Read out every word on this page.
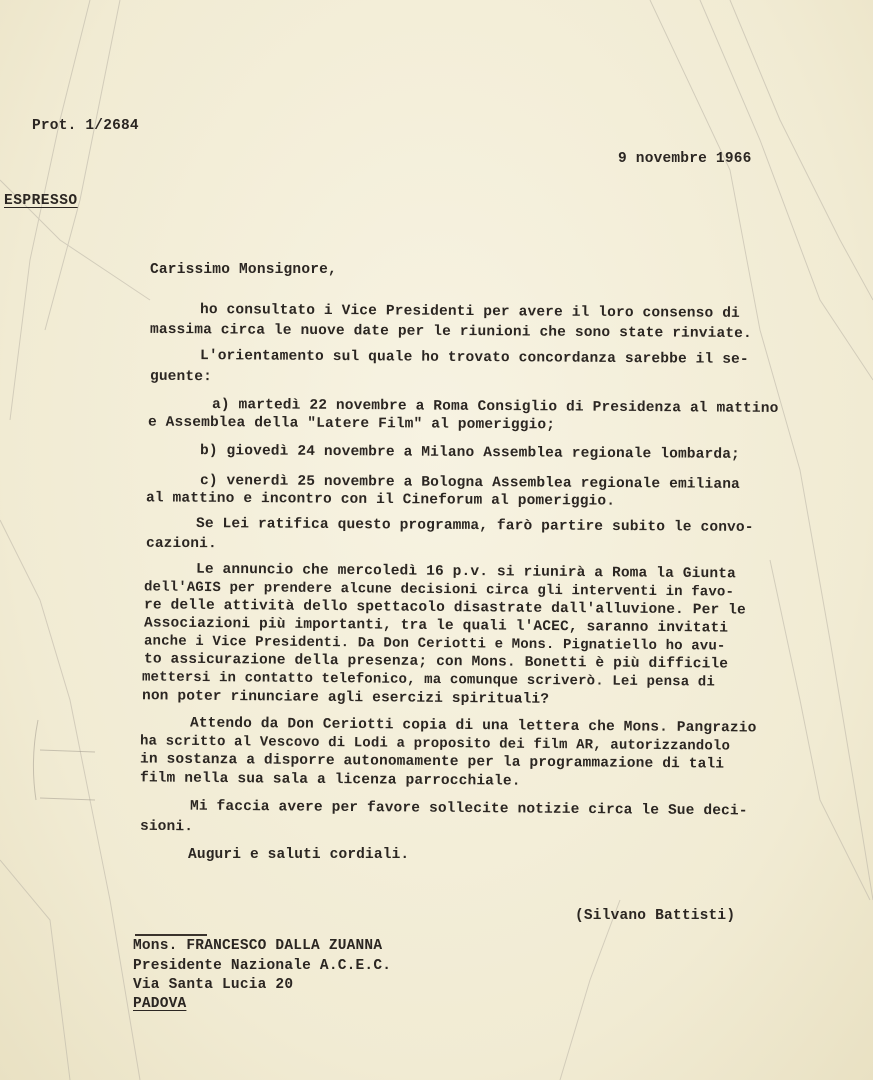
Prot. 1/2684
9 novembre 1966
ESPRESSO
Carissimo Monsignore,
ho consultato i Vice Presidenti per avere il loro consenso di
massima circa le nuove date per le riunioni che sono state rinviate.
L'orientamento sul quale ho trovato concordanza sarebbe il se-
guente:
a) martedì 22 novembre a Roma Consiglio di Presidenza al mattino
e Assemblea della "Latere Film" al pomeriggio;
b) giovedì 24 novembre a Milano Assemblea regionale lombarda;
c) venerdì 25 novembre a Bologna Assemblea regionale emiliana
al mattino e incontro con il Cineforum al pomeriggio.
Se Lei ratifica questo programma, farò partire subito le convo-
cazioni.
Le annuncio che mercoledì 16 p.v. si riunirà a Roma la Giunta
dell'AGIS per prendere alcune decisioni circa gli interventi in favo-
re delle attività dello spettacolo disastrate dall'alluvione. Per le
Associazioni più importanti, tra le quali l'ACEC, saranno invitati
anche i Vice Presidenti. Da Don Ceriotti e Mons. Pignatiello ho avu-
to assicurazione della presenza; con Mons. Bonetti è più difficile
mettersi in contatto telefonico, ma comunque scriverò. Lei pensa di
non poter rinunciare agli esercizi spirituali?
Attendo da Don Ceriotti copia di una lettera che Mons. Pangrazio
ha scritto al Vescovo di Lodi a proposito dei film AR, autorizzandolo
in sostanza a disporre autonomamente per la programmazione di tali
film nella sua sala a licenza parrocchiale.
Mi faccia avere per favore sollecite notizie circa le Sue deci-
sioni.
Auguri e saluti cordiali.
(Silvano Battisti)
Mons. FRANCESCO DALLA ZUANNA
Presidente Nazionale A.C.E.C.
Via Santa Lucia 20
PADOVA
